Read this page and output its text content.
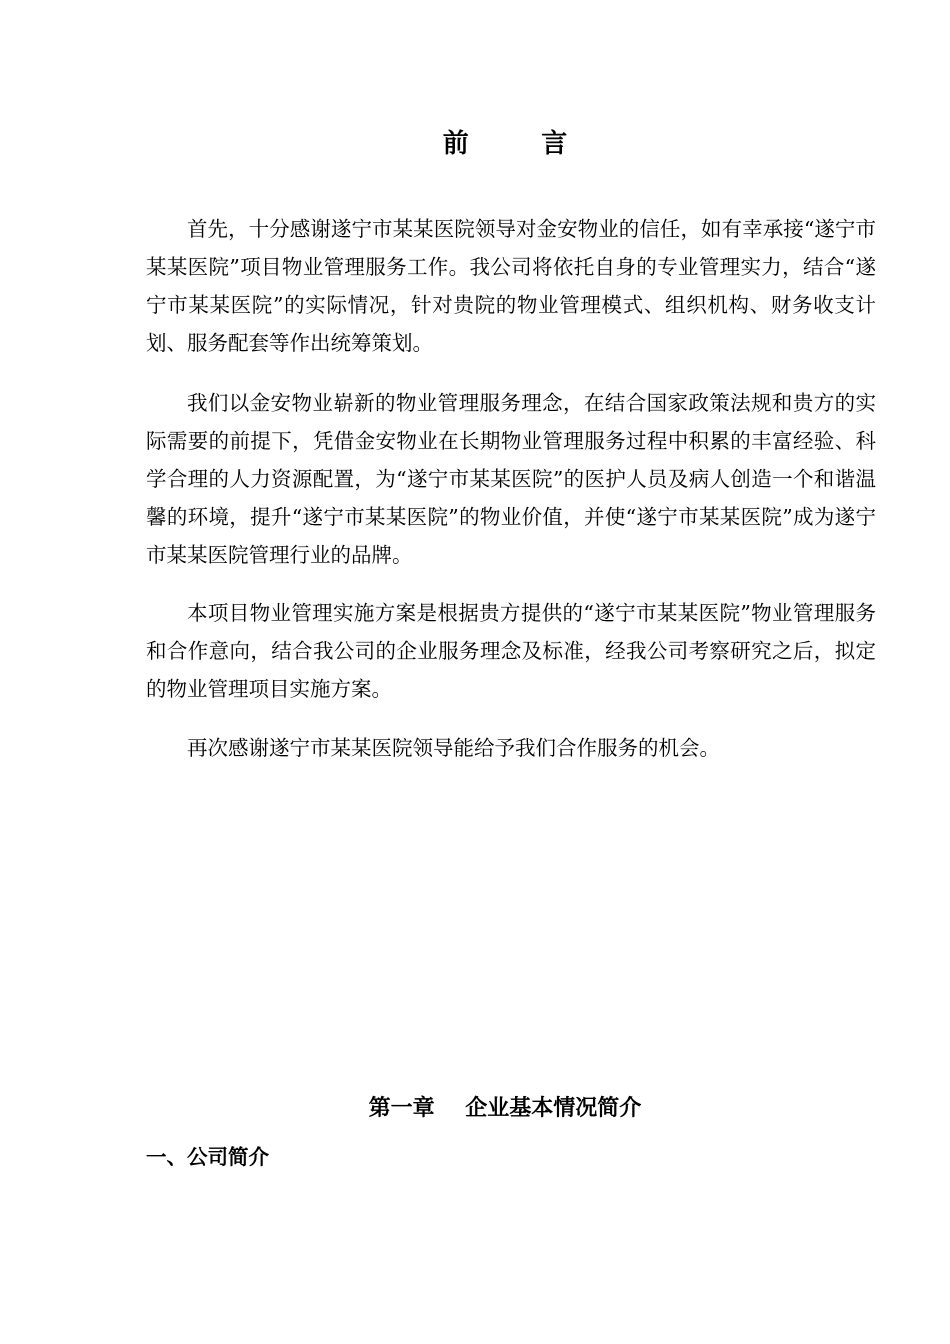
前        言

首先，十分感谢遂宁市某某医院领导对金安物业的信任，如有幸承接“遂宁市某某医院”项目物业管理服务工作。我公司将依托自身的专业管理实力，结合“遂宁市某某医院”的实际情况，针对贵院的物业管理模式、组织机构、财务收支计划、服务配套等作出统筹策划。

我们以金安物业崭新的物业管理服务理念，在结合国家政策法规和贵方的实际需要的前提下，凭借金安物业在长期物业管理服务过程中积累的丰富经验、科学合理的人力资源配置，为“遂宁市某某医院”的医护人员及病人创造一个和谐温馨的环境，提升“遂宁市某某医院”的物业价值，并使“遂宁市某某医院”成为遂宁市某某医院管理行业的品牌。

本项目物业管理实施方案是根据贵方提供的“遂宁市某某医院”物业管理服务和合作意向，结合我公司的企业服务理念及标准，经我公司考察研究之后，拟定的物业管理项目实施方案。

再次感谢遂宁市某某医院领导能给予我们合作服务的机会。

第一章    企业基本情况简介
一、公司简介
